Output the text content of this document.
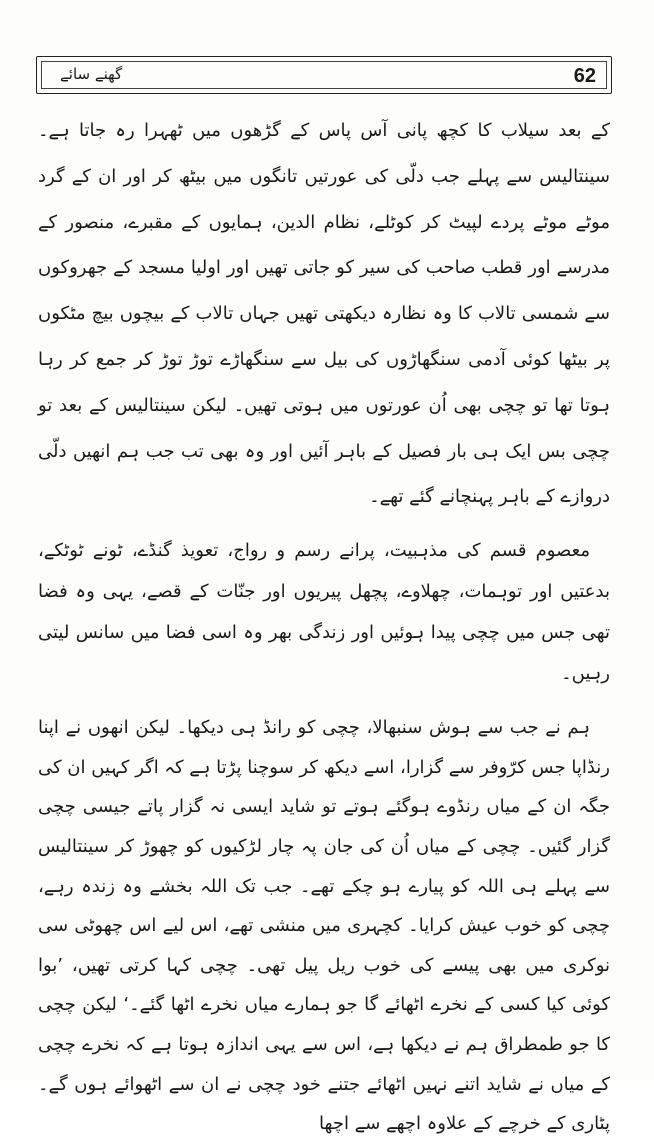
62
گھنے سائے

کے بعد سیلاب کا کچھ پانی آس پاس کے گڑھوں میں ٹھہرا رہ جاتا ہے۔ سینتالیس سے پہلے جب دلّی کی عورتیں تانگوں میں بیٹھ کر اور ان کے گرد موٹے موٹے پردے لپیٹ کر کوٹلے، نظام الدین، ہمایوں کے مقبرے، منصور کے مدرسے اور قطب صاحب کی سیر کو جاتی تھیں اور اولیا مسجد کے جھروکوں سے شمسی تالاب کا وہ نظارہ دیکھتی تھیں جہاں تالاب کے بیچوں بیچ مٹکوں پر بیٹھا کوئی آدمی سنگھاڑوں کی بیل سے سنگھاڑے توڑ توڑ کر جمع کر رہا ہوتا تھا تو چچی بھی اُن عورتوں میں ہوتی تھیں۔ لیکن سینتالیس کے بعد تو چچی بس ایک ہی بار فصیل کے باہر آئیں اور وہ بھی تب جب ہم انھیں دلّی دروازے کے باہر پہنچانے گئے تھے۔

معصوم قسم کی مذہبیت، پرانے رسم و رواج، تعویذ گنڈے، ٹونے ٹوٹکے، بدعتیں اور توہمات، چھلاوے، پچھل پیریوں اور جنّات کے قصے، یہی وہ فضا تھی جس میں چچی پیدا ہوئیں اور زندگی بھر وہ اسی فضا میں سانس لیتی رہیں۔

ہم نے جب سے ہوش سنبھالا، چچی کو رانڈ ہی دیکھا۔ لیکن انھوں نے اپنا رنڈاپا جس کرّوفر سے گزارا، اسے دیکھ کر سوچنا پڑتا ہے کہ اگر کہیں ان کی جگہ ان کے میاں رنڈوے ہوگئے ہوتے تو شاید ایسی نہ گزار پاتے جیسی چچی گزار گئیں۔ چچی کے میاں اُن کی جان پہ چار لڑکیوں کو چھوڑ کر سینتالیس سے پہلے ہی اللہ کو پیارے ہو چکے تھے۔ جب تک اللہ بخشے وہ زندہ رہے، چچی کو خوب عیش کرایا۔ کچہری میں منشی تھے، اس لیے اس چھوٹی سی نوکری میں بھی پیسے کی خوب ریل پیل تھی۔ چچی کہا کرتی تھیں، ’بوا کوئی کیا کسی کے نخرے اٹھائے گا جو ہمارے میاں نخرے اٹھا گئے۔‘ لیکن چچی کا جو طمطراق ہم نے دیکھا ہے، اس سے یہی اندازہ ہوتا ہے کہ نخرے چچی کے میاں نے شاید اتنے نہیں اٹھائے جتنے خود چچی نے ان سے اٹھوائے ہوں گے۔ پٹاری کے خرچے کے علاوہ اچھے سے اچھا
